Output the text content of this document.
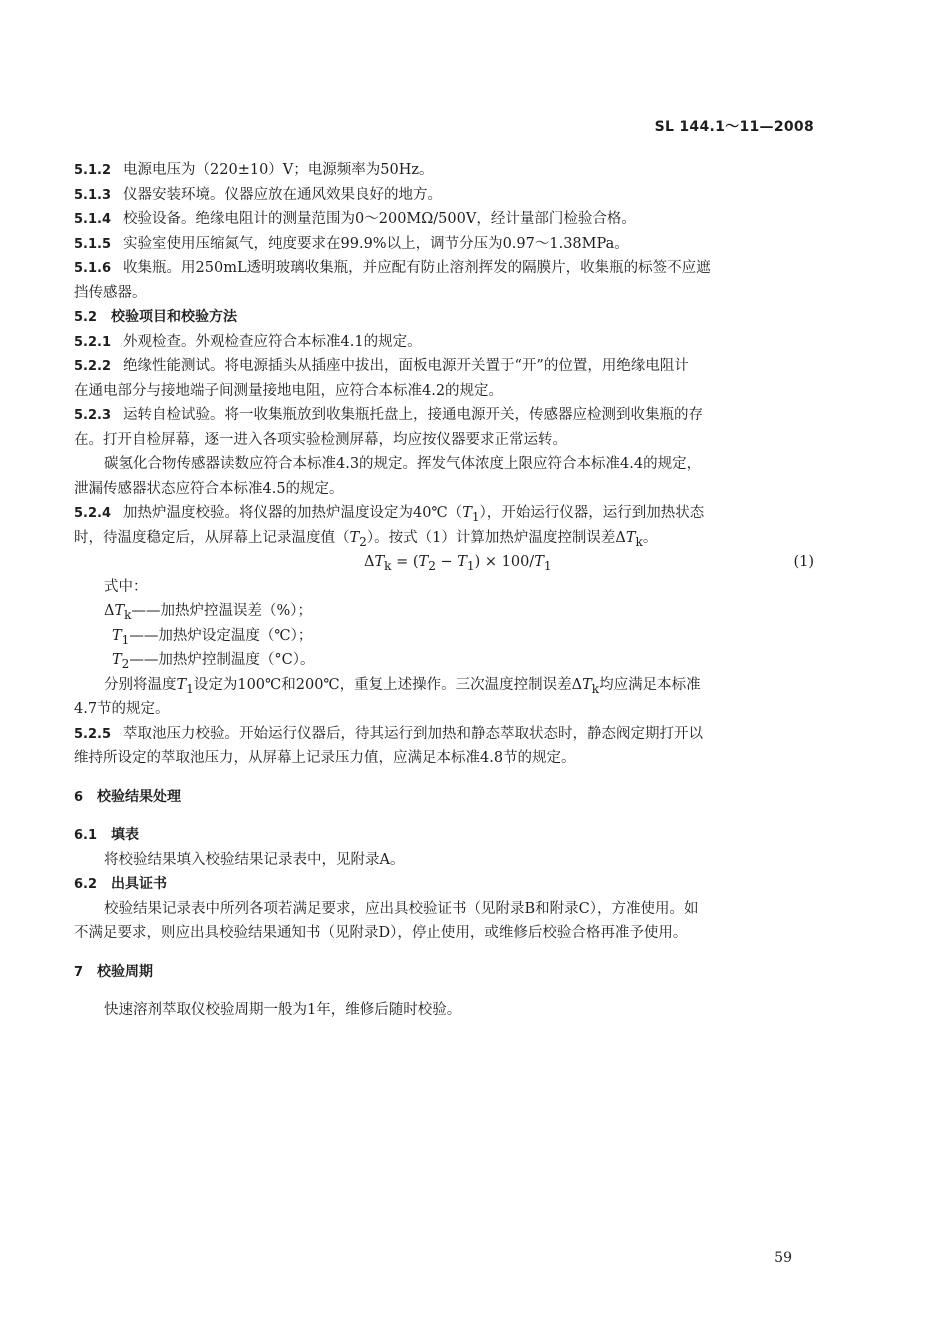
SL 144.1～11—2008
5.1.2 电源电压为（220±10）V；电源频率为50Hz。
5.1.3 仪器安装环境。仪器应放在通风效果良好的地方。
5.1.4 校验设备。绝缘电阻计的测量范围为0～200MΩ/500V，经计量部门检验合格。
5.1.5 实验室使用压缩氮气，纯度要求在99.9%以上，调节分压为0.97～1.38MPa。
5.1.6 收集瓶。用250mL透明玻璃收集瓶，并应配有防止溶剂挥发的隔膜片，收集瓶的标签不应遮
挡传感器。
5.2 校验项目和校验方法
5.2.1 外观检查。外观检查应符合本标准4.1的规定。
5.2.2 绝缘性能测试。将电源插头从插座中拔出，面板电源开关置于“开”的位置，用绝缘电阻计
在通电部分与接地端子间测量接地电阻，应符合本标准4.2的规定。
5.2.3 运转自检试验。将一收集瓶放到收集瓶托盘上，接通电源开关，传感器应检测到收集瓶的存
在。打开自检屏幕，逐一进入各项实验检测屏幕，均应按仪器要求正常运转。
碳氢化合物传感器读数应符合本标准4.3的规定。挥发气体浓度上限应符合本标准4.4的规定，
泄漏传感器状态应符合本标准4.5的规定。
5.2.4 加热炉温度校验。将仪器的加热炉温度设定为$40℃(T_1)$，开始运行仪器，运行到加热状态
时，待温度稳定后，从屏幕上记录温度值$(T_2)$。按式（1）计算加热炉温度控制误差$\Delta T_k$。
$\Delta T_k = (T_2 - T_1) \times 100/T_1$	(1)
式中：
$\Delta T_k——$加热炉控温误差（%）；
$T_1——$加热炉设定温度（℃）；
$T_2——$加热炉控制温度（°C）。
分别将温度$T_1$设定为100℃和200℃，重复上述操作。三次温度控制误差$\Delta T_k$均应满足本标准
4.7节的规定。
5.2.5 萃取池压力校验。开始运行仪器后，待其运行到加热和静态萃取状态时，静态阀定期打开以
维持所设定的萃取池压力，从屏幕上记录压力值，应满足本标准4.8节的规定。
6 校验结果处理
6.1 填表
将校验结果填入校验结果记录表中，见附录A。
6.2 出具证书
校验结果记录表中所列各项若满足要求，应出具校验证书（见附录B和附录C），方准使用。如
不满足要求，则应出具校验结果通知书（见附录D），停止使用，或维修后校验合格再准予使用。
7 校验周期
快速溶剂萃取仪校验周期一般为1年，维修后随时校验。
59
